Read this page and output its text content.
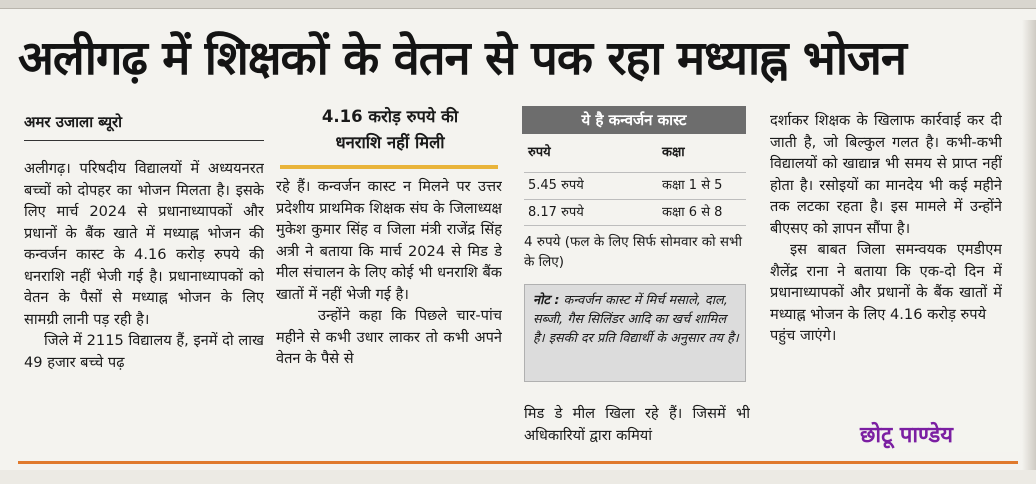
अलीगढ़ में शिक्षकों के वेतन से पक रहा मध्याह्न भोजन
अमर उजाला ब्यूरो

अलीगढ़। परिषदीय विद्यालयों में अध्ययनरत बच्चों को दोपहर का भोजन मिलता है। इसके लिए मार्च 2024 से प्रधानाध्यापकों और प्रधानों के बैंक खाते में मध्याह्न भोजन की कन्वर्जन कास्ट के 4.16 करोड़ रुपये की धनराशि नहीं भेजी गई है। प्रधानाध्यापकों को वेतन के पैसों से मध्याह्न भोजन के लिए सामग्री लानी पड़ रही है।

जिले में 2115 विद्यालय हैं, इनमें दो लाख 49 हजार बच्चे पढ़

4.16 करोड़ रुपये की
धनराशि नहीं मिली

रहे हैं। कन्वर्जन कास्ट न मिलने पर उत्तर प्रदेशीय प्राथमिक शिक्षक संघ के जिलाध्यक्ष मुकेश कुमार सिंह व जिला मंत्री राजेंद्र सिंह अत्री ने बताया कि मार्च 2024 से मिड डे मील संचालन के लिए कोई भी धनराशि बैंक खातों में नहीं भेजी गई है।

उन्होंने कहा कि पिछले चार-पांच महीने से कभी उधार लाकर तो कभी अपने वेतन के पैसे से

ये है कन्वर्जन कास्ट
रुपये	कक्षा
5.45 रुपये	कक्षा 1 से 5
8.17 रुपये	कक्षा 6 से 8
4 रुपये (फल के लिए सिर्फ सोमवार को सभी के लिए)
नोट : कन्वर्जन कास्ट में मिर्च मसाले, दाल, सब्जी, गैस सिलिंडर आदि का खर्च शामिल है। इसकी दर प्रति विद्यार्थी के अनुसार तय है।

मिड डे मील खिला रहे हैं। जिसमें भी अधिकारियों द्वारा कमियां

दर्शाकर शिक्षक के खिलाफ कार्रवाई कर दी जाती है, जो बिल्कुल गलत है। कभी-कभी विद्यालयों को खाद्यान्न भी समय से प्राप्त नहीं होता है। रसोइयों का मानदेय भी कई महीने तक लटका रहता है। इस मामले में उन्होंने बीएसए को ज्ञापन सौंपा है।

इस बाबत जिला समन्वयक एमडीएम शैलेंद्र राना ने बताया कि एक-दो दिन में प्रधानाध्यापकों और प्रधानों के बैंक खातों में मध्याह्न भोजन के लिए 4.16 करोड़ रुपये

पहुंच जाएंगे।

छोटू पाण्डेय
